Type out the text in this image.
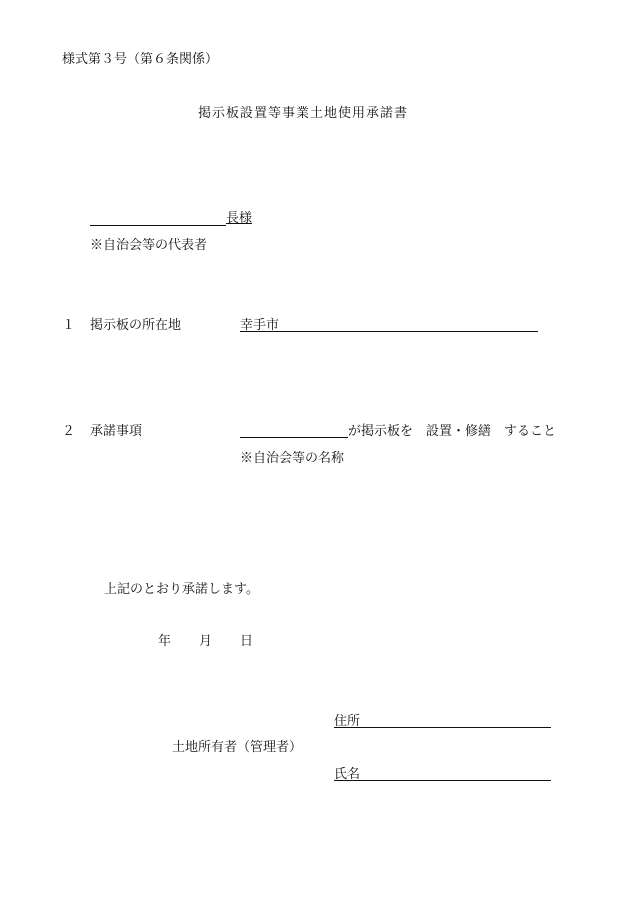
様式第３号（第６条関係）
掲示板設置等事業土地使用承諾書
長様
※自治会等の代表者
１ 掲示板の所在地	幸手市
２ 承諾事項	が掲示板を　設置・修繕　すること
※自治会等の名称
上記のとおり承諾します。
年 月 日
住所
土地所有者（管理者）
氏名
